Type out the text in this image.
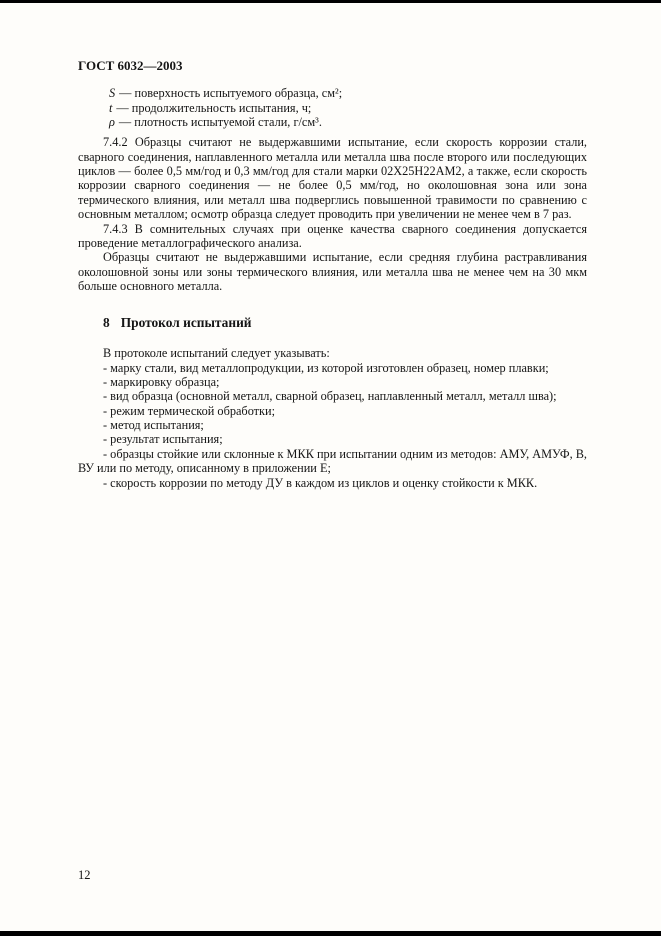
ГОСТ 6032—2003
S — поверхность испытуемого образца, см²;
t — продолжительность испытания, ч;
ρ — плотность испытуемой стали, г/см³.

7.4.2 Образцы считают не выдержавшими испытание, если скорость коррозии стали, сварного соединения, наплавленного металла или металла шва после второго или последующих циклов — более 0,5 мм/год и 0,3 мм/год для стали марки 02Х25Н22АМ2, а также, если скорость коррозии сварного соединения — не более 0,5 мм/год, но околошовная зона или зона термического влияния, или металл шва подверглись повышенной травимости по сравнению с основным металлом; осмотр образца следует проводить при увеличении не менее чем в 7 раз.

7.4.3 В сомнительных случаях при оценке качества сварного соединения допускается проведение металлографического анализа.

Образцы считают не выдержавшими испытание, если средняя глубина растравливания околошовной зоны или зоны термического влияния, или металла шва не менее чем на 30 мкм больше основного металла.

8 Протокол испытаний

В протоколе испытаний следует указывать:

- марку стали, вид металлопродукции, из которой изготовлен образец, номер плавки;

- маркировку образца;

- вид образца (основной металл, сварной образец, наплавленный металл, металл шва);

- режим термической обработки;

- метод испытания;

- результат испытания;

- образцы стойкие или склонные к МКК при испытании одним из методов: АМУ, АМУФ, В, ВУ или по методу, описанному в приложении Е;

- скорость коррозии по методу ДУ в каждом из циклов и оценку стойкости к МКК.

12
